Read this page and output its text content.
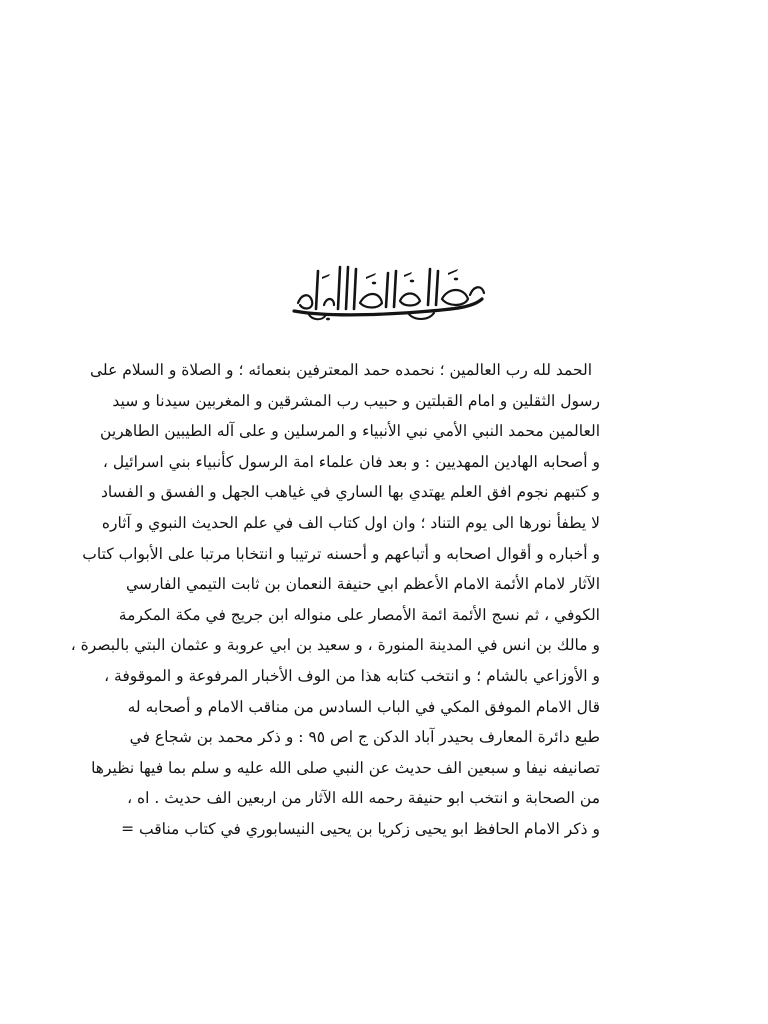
الحمد لله رب العالمين ؛ نحمده حمد المعترفين بنعمائه ؛ و الصلاة و السلام على
رسول الثقلين و امام القبلتين و حبيب رب المشرقين و المغربين سيدنا و سيد
العالمين محمد النبي الأمي نبي الأنبياء و المرسلين و على آله الطيبين الطاهرين
و أصحابه الهادين المهديين : و بعد فان علماء امة الرسول كأنبياء بني اسرائيل ،
و كتبهم نجوم افق العلم يهتدي بها الساري في غياهب الجهل و الفسق و الفساد
لا يطفأ نورها الى يوم التناد ؛ وان اول كتاب الف في علم الحديث النبوي و آثاره
و أخباره و أقوال اصحابه و أتباعهم و أحسنه ترتيبا و انتخابا مرتبا على الأبواب كتاب
الآثار لامام الأئمة الامام الأعظم ابي حنيفة النعمان بن ثابت التيمي الفارسي
الكوفي ، ثم نسج الأئمة ائمة الأمصار على منواله ابن جريج في مكة المكرمة
و مالك بن انس في المدينة المنورة ، و سعيد بن ابي عروبة و عثمان البتي بالبصرة ،
و الأوزاعي بالشام ؛ و انتخب كتابه هذا من الوف الأخبار المرفوعة و الموقوفة ،
قال الامام الموفق المكي في الباب السادس من مناقب الامام و أصحابه له
طبع دائرة المعارف بحيدر آباد الدكن ج اص ٩٥ : و ذكر محمد بن شجاع في
تصانيفه نيفا و سبعين الف حديث عن النبي صلى الله عليه و سلم بما فيها نظيرها
من الصحابة و انتخب ابو حنيفة رحمه الله الآثار من اربعين الف حديث . اه ،
و ذكر الامام الحافظ ابو يحيى زكريا بن يحيى النيسابوري في كتاب مناقب =
